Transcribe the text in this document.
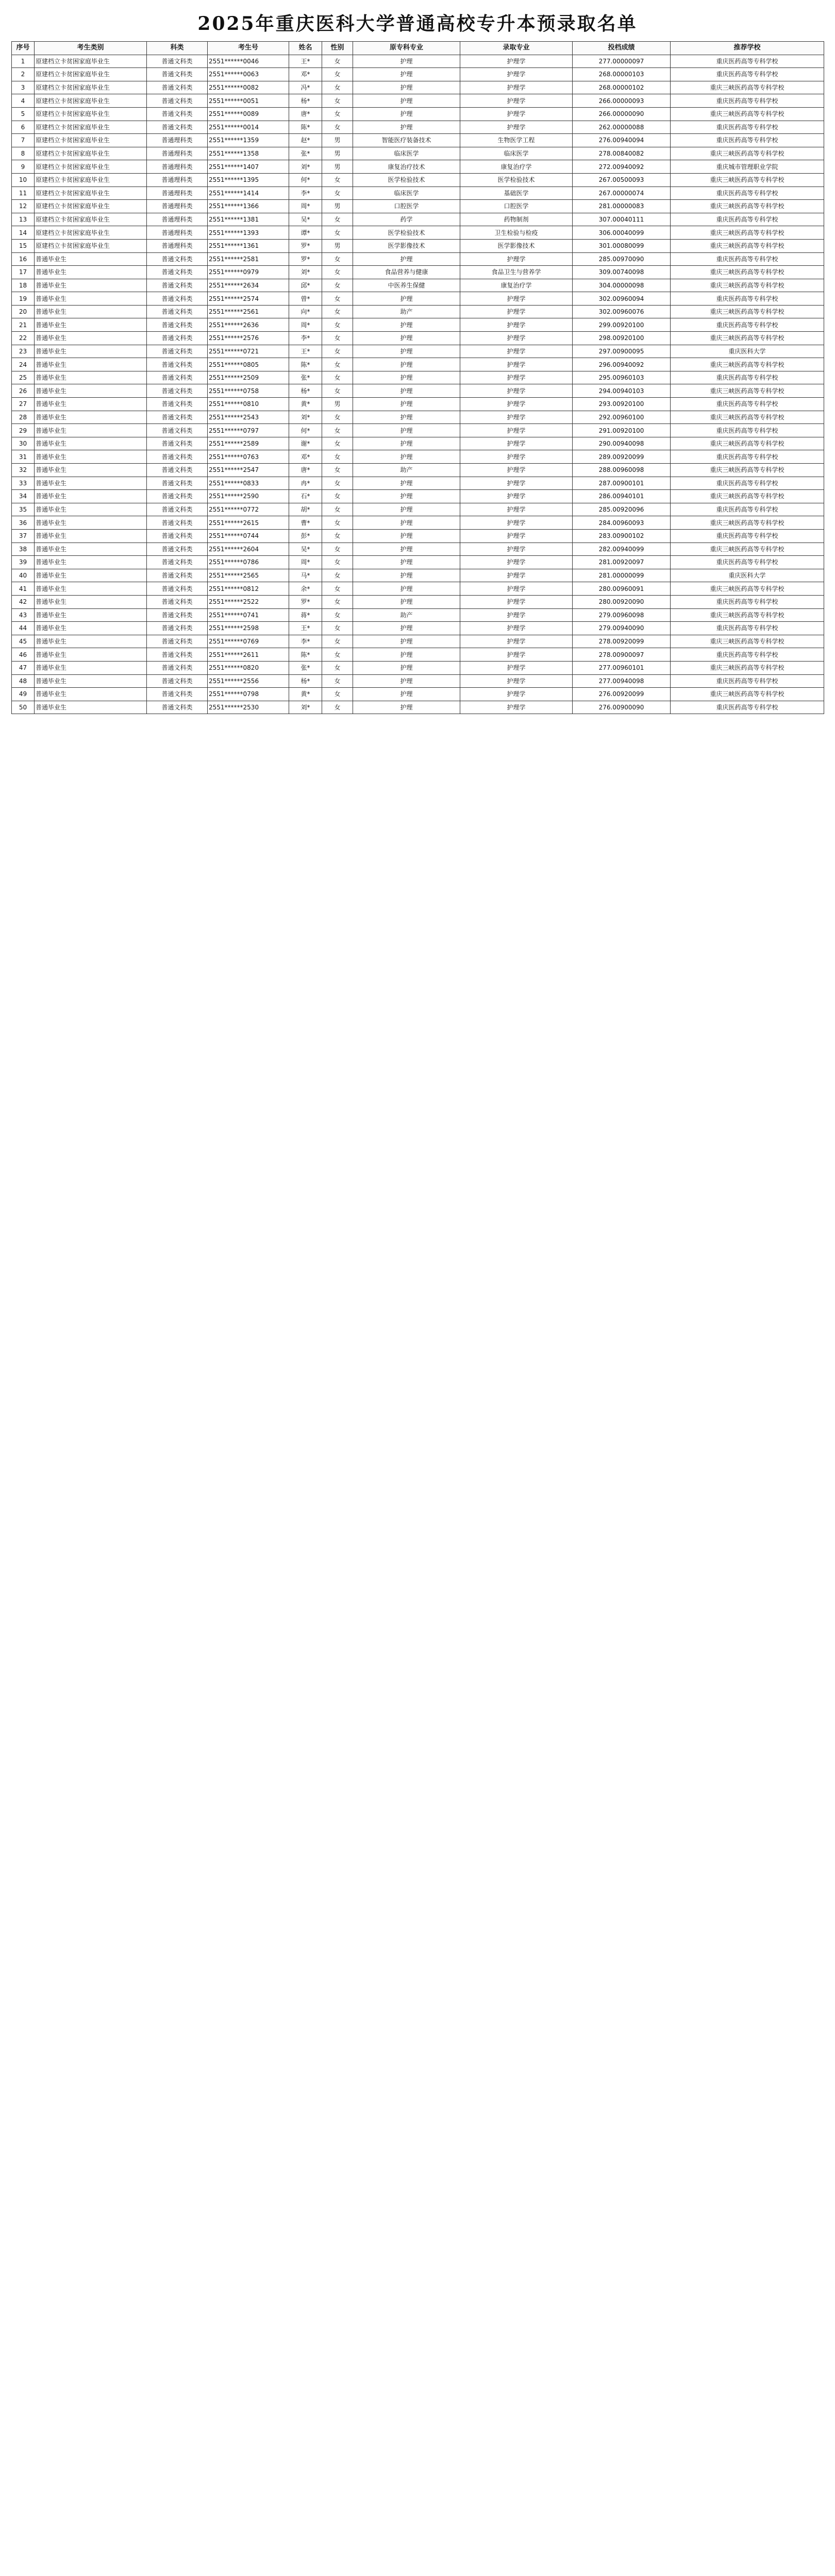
2025年重庆医科大学普通高校专升本预录取名单
序号	考生类别	科类	考生号	姓名	性别	原专科专业	录取专业	投档成绩	推荐学校
1	原建档立卡贫困家庭毕业生	普通文科类	2551******0046	王*	女	护理	护理学	277.00000097	重庆医药高等专科学校
2	原建档立卡贫困家庭毕业生	普通文科类	2551******0063	邓*	女	护理	护理学	268.00000103	重庆医药高等专科学校
3	原建档立卡贫困家庭毕业生	普通文科类	2551******0082	冯*	女	护理	护理学	268.00000102	重庆三峡医药高等专科学校
4	原建档立卡贫困家庭毕业生	普通文科类	2551******0051	杨*	女	护理	护理学	266.00000093	重庆医药高等专科学校
5	原建档立卡贫困家庭毕业生	普通文科类	2551******0089	唐*	女	护理	护理学	266.00000090	重庆三峡医药高等专科学校
6	原建档立卡贫困家庭毕业生	普通文科类	2551******0014	陈*	女	护理	护理学	262.00000088	重庆医药高等专科学校
7	原建档立卡贫困家庭毕业生	普通理科类	2551******1359	赵*	男	智能医疗装备技术	生物医学工程	276.00940094	重庆医药高等专科学校
8	原建档立卡贫困家庭毕业生	普通理科类	2551******1358	张*	男	临床医学	临床医学	278.00840082	重庆三峡医药高等专科学校
9	原建档立卡贫困家庭毕业生	普通理科类	2551******1407	刘*	男	康复治疗技术	康复治疗学	272.00940092	重庆城市管理职业学院
10	原建档立卡贫困家庭毕业生	普通理科类	2551******1395	何*	女	医学检验技术	医学检验技术	267.00500093	重庆三峡医药高等专科学校
11	原建档立卡贫困家庭毕业生	普通理科类	2551******1414	李*	女	临床医学	基础医学	267.00000074	重庆医药高等专科学校
12	原建档立卡贫困家庭毕业生	普通理科类	2551******1366	周*	男	口腔医学	口腔医学	281.00000083	重庆三峡医药高等专科学校
13	原建档立卡贫困家庭毕业生	普通理科类	2551******1381	吴*	女	药学	药物制剂	307.00040111	重庆医药高等专科学校
14	原建档立卡贫困家庭毕业生	普通理科类	2551******1393	谭*	女	医学检验技术	卫生检验与检疫	306.00040099	重庆三峡医药高等专科学校
15	原建档立卡贫困家庭毕业生	普通理科类	2551******1361	罗*	男	医学影像技术	医学影像技术	301.00080099	重庆三峡医药高等专科学校
16	普通毕业生	普通文科类	2551******2581	罗*	女	护理	护理学	285.00970090	重庆医药高等专科学校
17	普通毕业生	普通文科类	2551******0979	刘*	女	食品营养与健康	食品卫生与营养学	309.00740098	重庆三峡医药高等专科学校
18	普通毕业生	普通文科类	2551******2634	邱*	女	中医养生保健	康复治疗学	304.00000098	重庆三峡医药高等专科学校
19	普通毕业生	普通文科类	2551******2574	曾*	女	护理	护理学	302.00960094	重庆医药高等专科学校
20	普通毕业生	普通文科类	2551******2561	向*	女	助产	护理学	302.00960076	重庆三峡医药高等专科学校
21	普通毕业生	普通文科类	2551******2636	周*	女	护理	护理学	299.00920100	重庆医药高等专科学校
22	普通毕业生	普通文科类	2551******2576	李*	女	护理	护理学	298.00920100	重庆三峡医药高等专科学校
23	普通毕业生	普通文科类	2551******0721	王*	女	护理	护理学	297.00900095	重庆医科大学
24	普通毕业生	普通文科类	2551******0805	陈*	女	护理	护理学	296.00940092	重庆三峡医药高等专科学校
25	普通毕业生	普通文科类	2551******2509	张*	女	护理	护理学	295.00960103	重庆医药高等专科学校
26	普通毕业生	普通文科类	2551******0758	杨*	女	护理	护理学	294.00940103	重庆三峡医药高等专科学校
27	普通毕业生	普通文科类	2551******0810	黄*	男	护理	护理学	293.00920100	重庆医药高等专科学校
28	普通毕业生	普通文科类	2551******2543	刘*	女	护理	护理学	292.00960100	重庆三峡医药高等专科学校
29	普通毕业生	普通文科类	2551******0797	何*	女	护理	护理学	291.00920100	重庆医药高等专科学校
30	普通毕业生	普通文科类	2551******2589	谢*	女	护理	护理学	290.00940098	重庆三峡医药高等专科学校
31	普通毕业生	普通文科类	2551******0763	邓*	女	护理	护理学	289.00920099	重庆医药高等专科学校
32	普通毕业生	普通文科类	2551******2547	唐*	女	助产	护理学	288.00960098	重庆三峡医药高等专科学校
33	普通毕业生	普通文科类	2551******0833	冉*	女	护理	护理学	287.00900101	重庆医药高等专科学校
34	普通毕业生	普通文科类	2551******2590	石*	女	护理	护理学	286.00940101	重庆三峡医药高等专科学校
35	普通毕业生	普通文科类	2551******0772	胡*	女	护理	护理学	285.00920096	重庆医药高等专科学校
36	普通毕业生	普通文科类	2551******2615	曹*	女	护理	护理学	284.00960093	重庆三峡医药高等专科学校
37	普通毕业生	普通文科类	2551******0744	彭*	女	护理	护理学	283.00900102	重庆医药高等专科学校
38	普通毕业生	普通文科类	2551******2604	吴*	女	护理	护理学	282.00940099	重庆三峡医药高等专科学校
39	普通毕业生	普通文科类	2551******0786	周*	女	护理	护理学	281.00920097	重庆医药高等专科学校
40	普通毕业生	普通文科类	2551******2565	马*	女	护理	护理学	281.00000099	重庆医科大学
41	普通毕业生	普通文科类	2551******0812	余*	女	护理	护理学	280.00960091	重庆三峡医药高等专科学校
42	普通毕业生	普通文科类	2551******2522	罗*	女	护理	护理学	280.00920090	重庆医药高等专科学校
43	普通毕业生	普通文科类	2551******0741	蒋*	女	助产	护理学	279.00960098	重庆三峡医药高等专科学校
44	普通毕业生	普通文科类	2551******2598	王*	女	护理	护理学	279.00940090	重庆医药高等专科学校
45	普通毕业生	普通文科类	2551******0769	李*	女	护理	护理学	278.00920099	重庆三峡医药高等专科学校
46	普通毕业生	普通文科类	2551******2611	陈*	女	护理	护理学	278.00900097	重庆医药高等专科学校
47	普通毕业生	普通文科类	2551******0820	张*	女	护理	护理学	277.00960101	重庆三峡医药高等专科学校
48	普通毕业生	普通文科类	2551******2556	杨*	女	护理	护理学	277.00940098	重庆医药高等专科学校
49	普通毕业生	普通文科类	2551******0798	黄*	女	护理	护理学	276.00920099	重庆三峡医药高等专科学校
50	普通毕业生	普通文科类	2551******2530	刘*	女	护理	护理学	276.00900090	重庆医药高等专科学校
